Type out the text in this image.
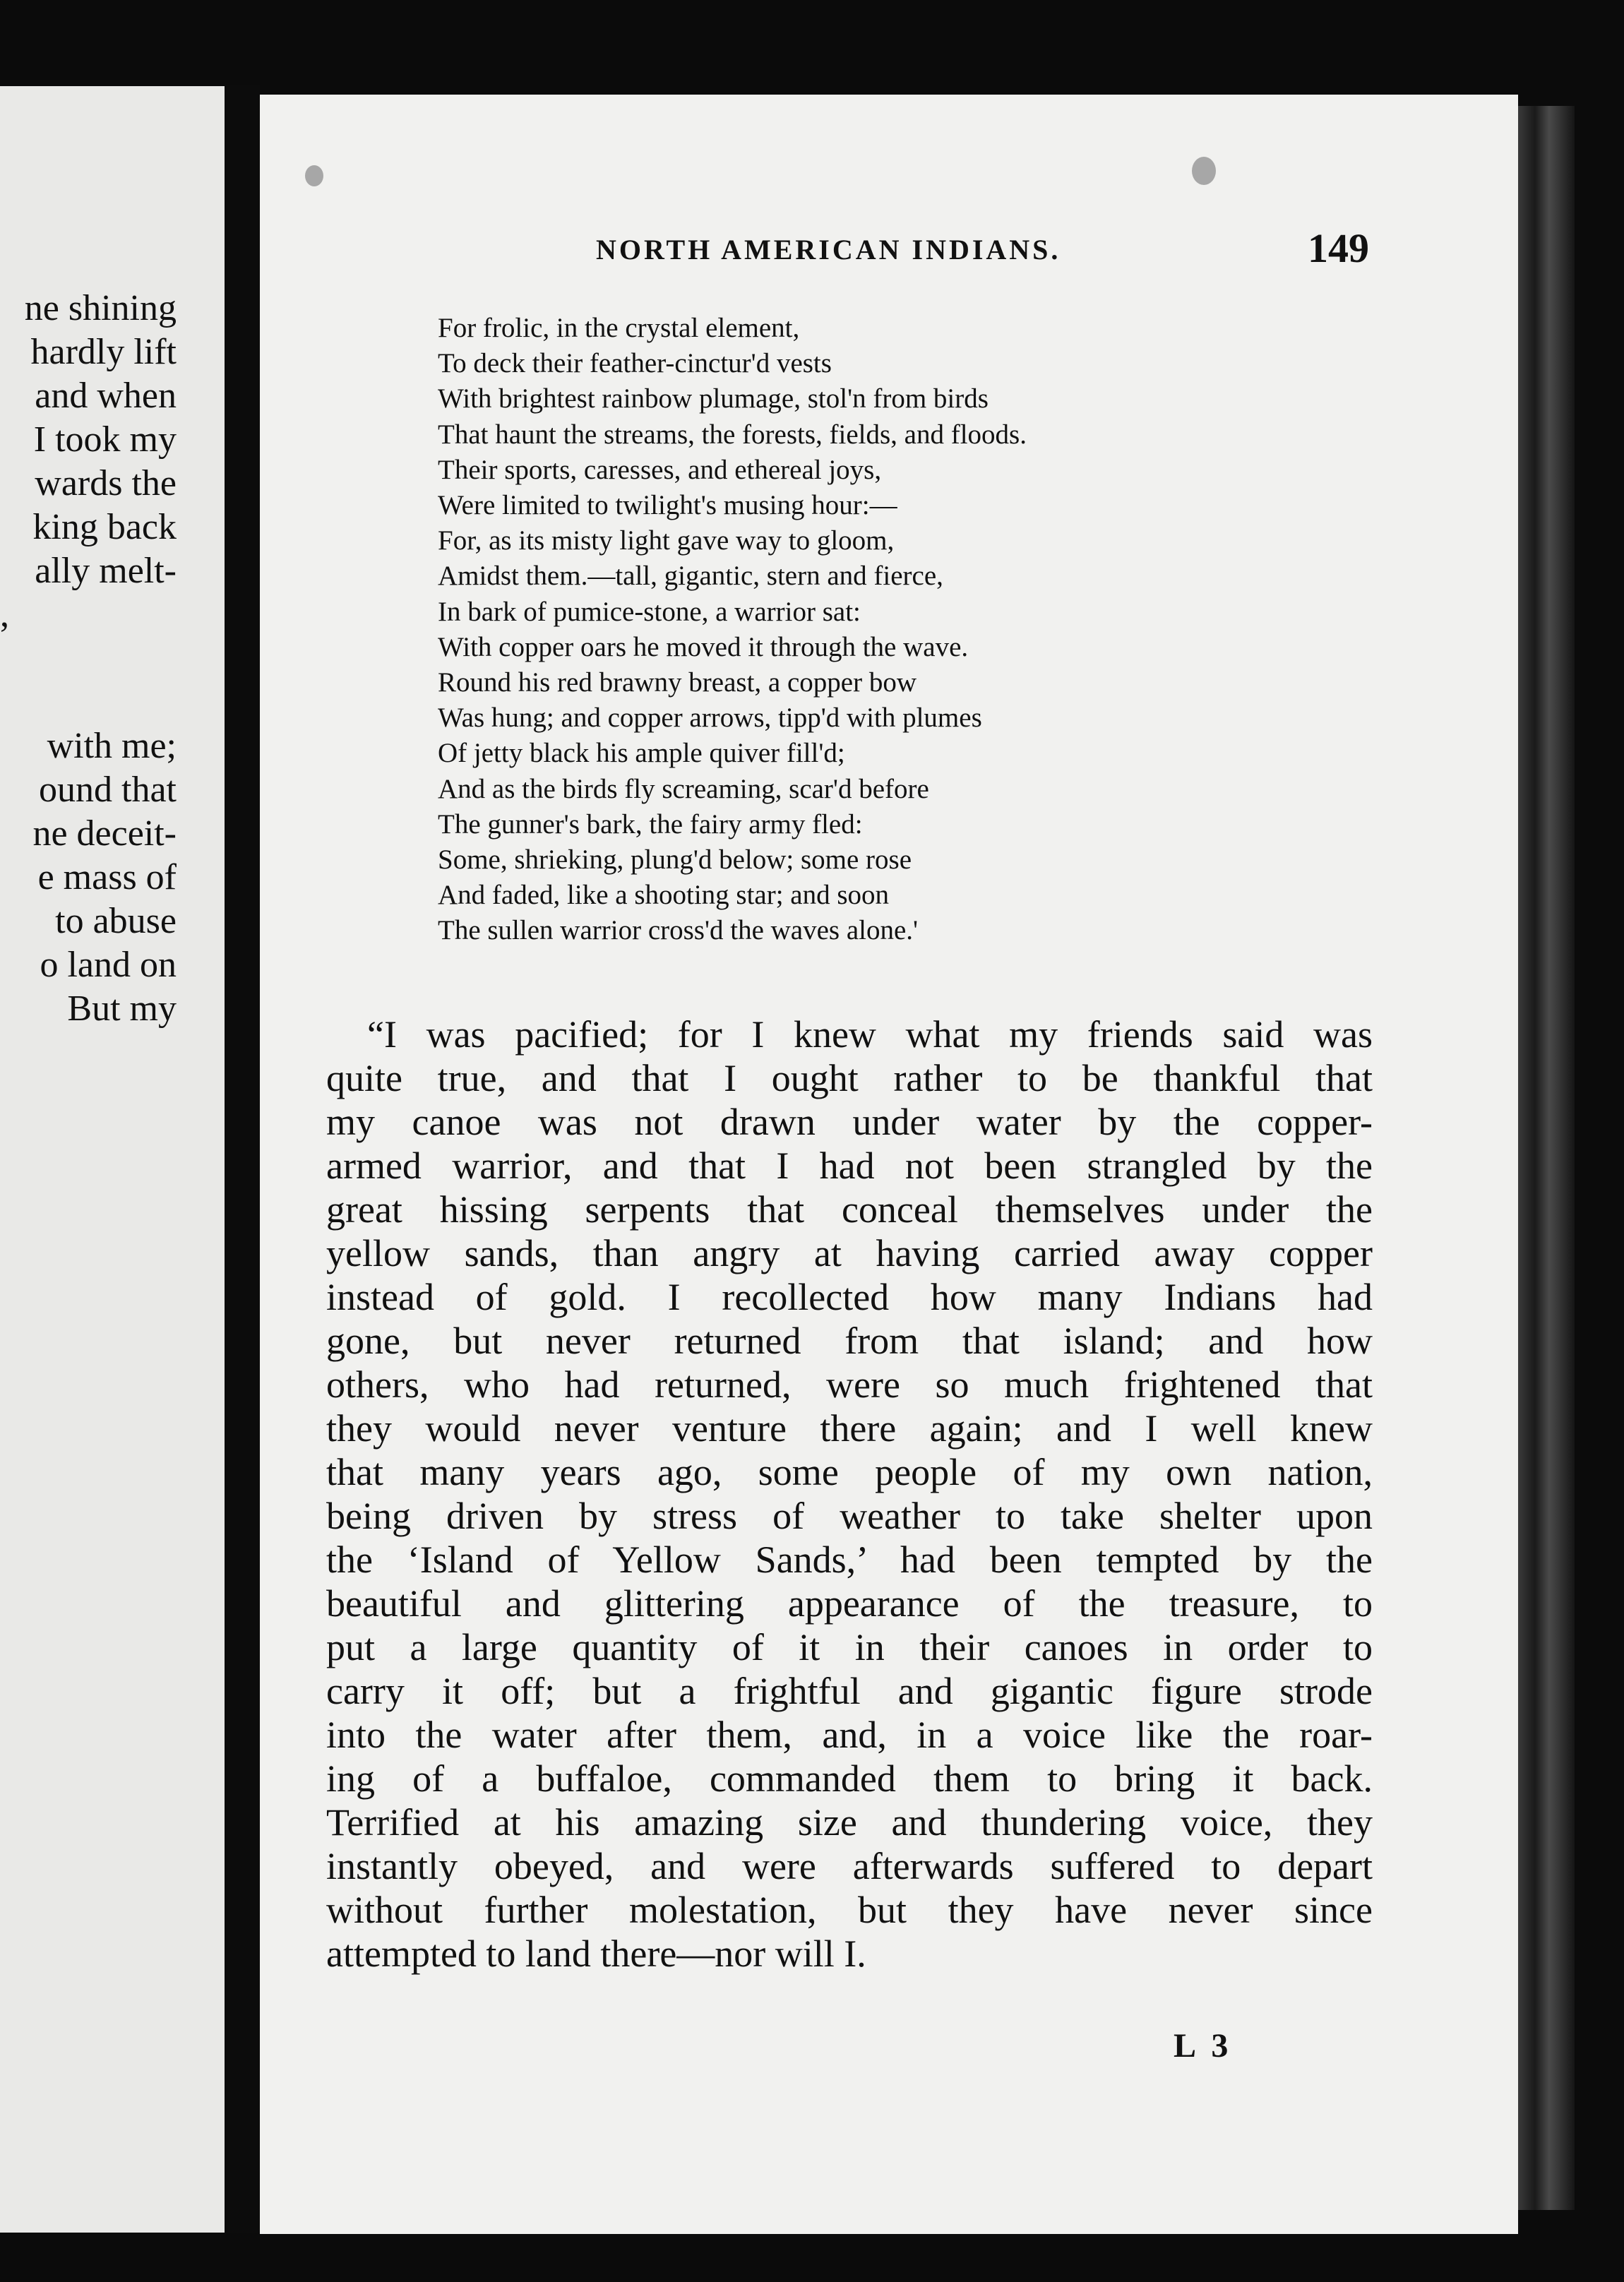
ne shining
hardly lift
and when
I took my
wards the
king back
ally melt-
,
with me;
ound that
ne deceit-
e mass of
to abuse
o land on
But my
NORTH AMERICAN INDIANS.	149
For frolic, in the crystal element,
To deck their feather-cinctur'd vests
With brightest rainbow plumage, stol'n from birds
That haunt the streams, the forests, fields, and floods.
Their sports, caresses, and ethereal joys,
Were limited to twilight's musing hour:—
For, as its misty light gave way to gloom,
Amidst them.—tall, gigantic, stern and fierce,
In bark of pumice-stone, a warrior sat:
With copper oars he moved it through the wave.
Round his red brawny breast, a copper bow
Was hung; and copper arrows, tipp'd with plumes
Of jetty black his ample quiver fill'd;
And as the birds fly screaming, scar'd before
The gunner's bark, the fairy army fled:
Some, shrieking, plung'd below; some rose
And faded, like a shooting star; and soon
The sullen warrior cross'd the waves alone.'
“I was pacified; for I knew what my friends said was
quite true, and that I ought rather to be thankful that
my canoe was not drawn under water by the copper-
armed warrior, and that I had not been strangled by the
great hissing serpents that conceal themselves under the
yellow sands, than angry at having carried away copper
instead of gold. I recollected how many Indians had
gone, but never returned from that island; and how
others, who had returned, were so much frightened that
they would never venture there again; and I well knew
that many years ago, some people of my own nation,
being driven by stress of weather to take shelter upon
the ‘Island of Yellow Sands,’ had been tempted by the
beautiful and glittering appearance of the treasure, to
put a large quantity of it in their canoes in order to
carry it off; but a frightful and gigantic figure strode
into the water after them, and, in a voice like the roar-
ing of a buffaloe, commanded them to bring it back.
Terrified at his amazing size and thundering voice, they
instantly obeyed, and were afterwards suffered to depart
without further molestation, but they have never since
attempted to land there—nor will I.
L 3
